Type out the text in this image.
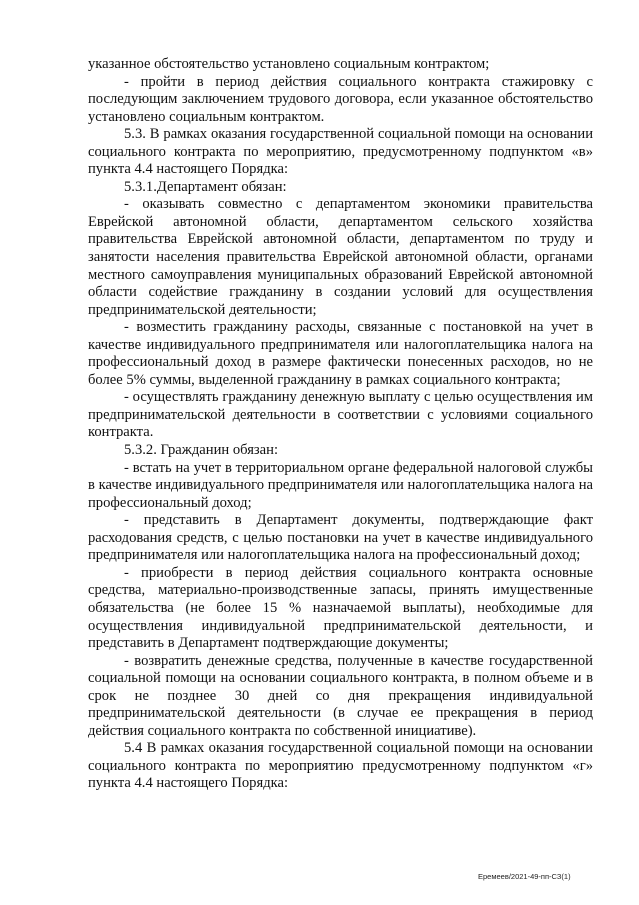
указанное обстоятельство установлено социальным контрактом;

- пройти в период действия социального контракта стажировку с последующим заключением трудового договора, если указанное обстоятельство установлено социальным контрактом.

5.3. В рамках оказания государственной социальной помощи на основании социального контракта по мероприятию, предусмотренному подпунктом «в» пункта 4.4 настоящего Порядка:

5.3.1.Департамент обязан:

- оказывать совместно с департаментом экономики правительства Еврейской автономной области, департаментом сельского хозяйства правительства Еврейской автономной области, департаментом по труду и занятости населения правительства Еврейской автономной области, органами местного самоуправления муниципальных образований Еврейской автономной области содействие гражданину в создании условий для осуществления предпринимательской деятельности;

- возместить гражданину расходы, связанные с постановкой на учет в качестве индивидуального предпринимателя или налогоплательщика налога на профессиональный доход в размере фактически понесенных расходов, но не более 5% суммы, выделенной гражданину в рамках социального контракта;

- осуществлять гражданину денежную выплату с целью осуществления им предпринимательской деятельности в соответствии с условиями социального контракта.

5.3.2. Гражданин обязан:

- встать на учет в территориальном органе федеральной налоговой службы в качестве индивидуального предпринимателя или налогоплательщика налога на профессиональный доход;

- представить в Департамент документы, подтверждающие факт расходования средств, с целью постановки на учет в качестве индивидуального предпринимателя или налогоплательщика налога на профессиональный доход;

- приобрести в период действия социального контракта основные средства, материально-производственные запасы, принять имущественные обязательства (не более 15 % назначаемой выплаты), необходимые для осуществления индивидуальной предпринимательской деятельности, и представить в Департамент подтверждающие документы;

- возвратить денежные средства, полученные в качестве государственной социальной помощи на основании социального контракта, в полном объеме и в срок не позднее 30 дней со дня прекращения индивидуальной предпринимательской деятельности (в случае ее прекращения в период действия социального контракта по собственной инициативе).

5.4 В рамках оказания государственной социальной помощи на основании социального контракта по мероприятию предусмотренному подпунктом «г» пункта 4.4 настоящего Порядка:

Еремеев/2021-49-пп-СЗ(1)
